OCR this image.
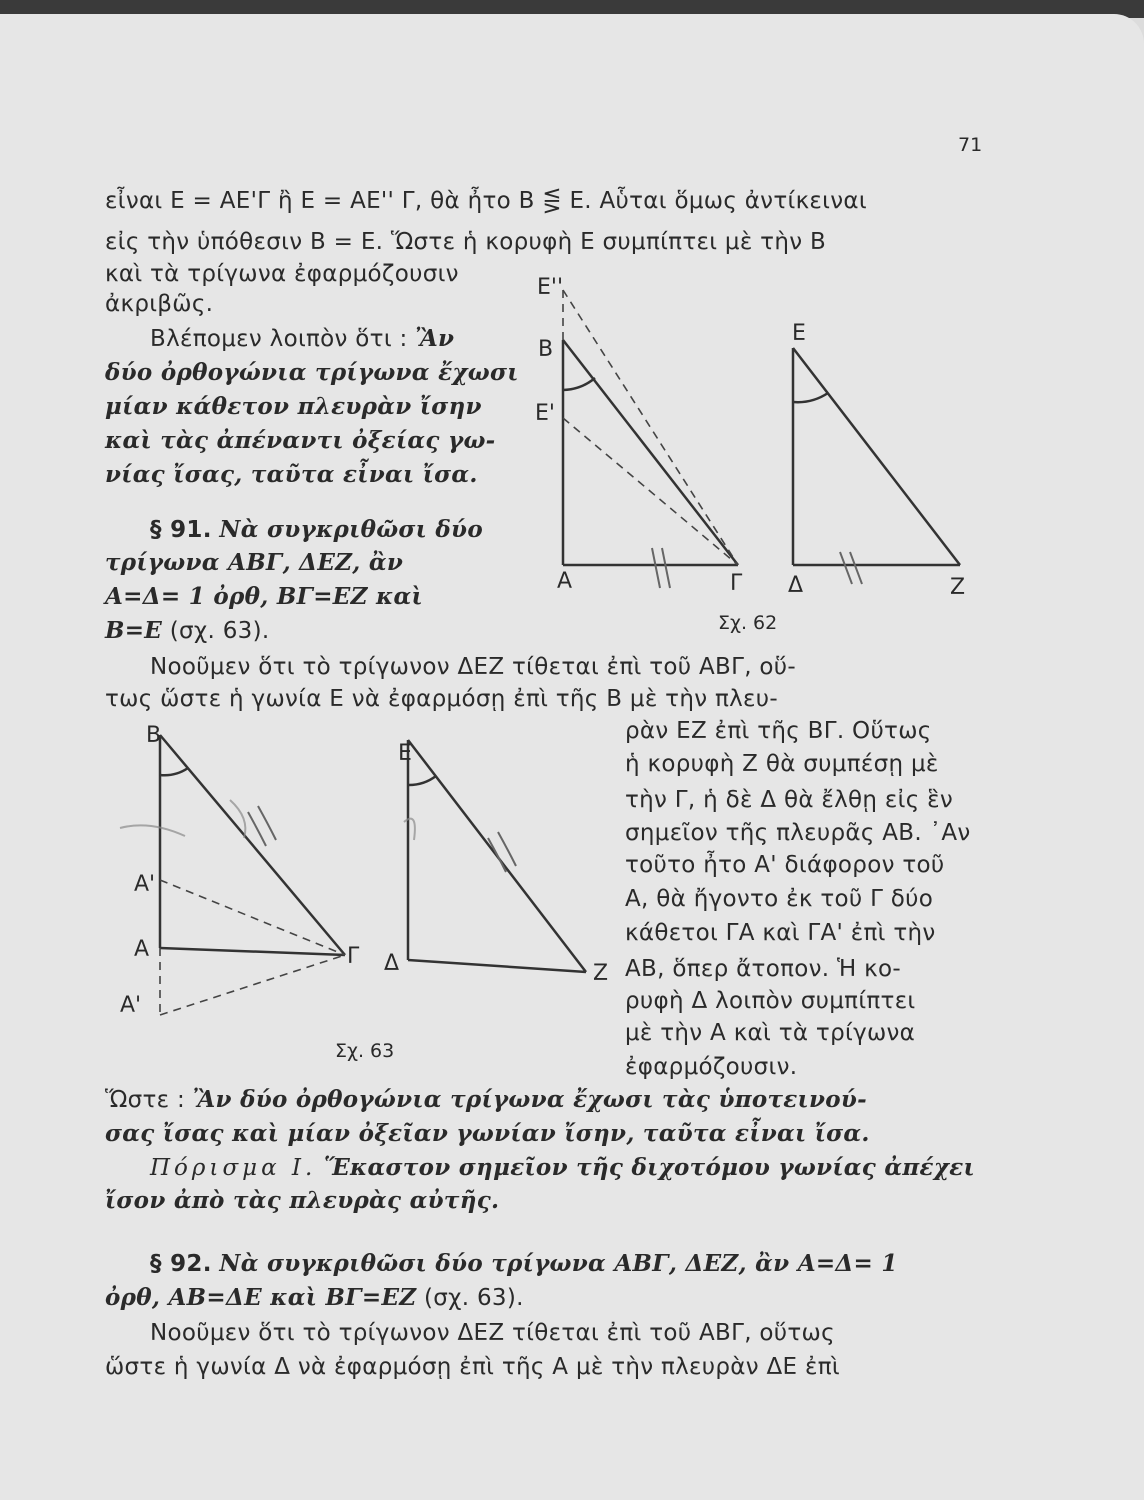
71
εἶναι Ε = ΑΕ'Γ ἢ Ε = ΑΕ'' Γ, θὰ ἦτο Β ⋚ Ε. Αὗται ὅμως ἀντίκειναι
εἰς τὴν ὑπόθεσιν Β = Ε. Ὥστε ἡ κορυφὴ Ε συμπίπτει μὲ τὴν Β
καὶ τὰ τρίγωνα ἐφαρμόζουσιν
ἀκριβῶς.
Βλέπομεν λοιπὸν ὅτι : Ἂν
δύο ὀρθογώνια τρίγωνα ἔχωσι
μίαν κάθετον πλευρὰν ἴσην
καὶ τὰς ἀπέναντι ὀξείας γω-
νίας ἴσας, ταῦτα εἶναι ἴσα.
§ 91. Νὰ συγκριθῶσι δύο
τρίγωνα ΑΒΓ, ΔΕΖ, ἂν
Α=Δ= 1 ὀρθ, ΒΓ=ΕΖ καὶ
Β=Ε (σχ. 63).
Νοοῦμεν ὅτι τὸ τρίγωνον ΔΕΖ τίθεται ἐπὶ τοῦ ΑΒΓ, οὕ-
τως ὥστε ἡ γωνία Ε νὰ ἐφαρμόσῃ ἐπὶ τῆς Β μὲ τὴν πλευ-
ρὰν ΕΖ ἐπὶ τῆς ΒΓ. Οὕτως
ἡ κορυφὴ Ζ θὰ συμπέσῃ μὲ
τὴν Γ, ἡ δὲ Δ θὰ ἔλθῃ εἰς ἓν
σημεῖον τῆς πλευρᾶς ΑΒ. ᾽Αν
τοῦτο ἦτο Α' διάφορον τοῦ
Α, θὰ ἤγοντο ἐκ τοῦ Γ δύο
κάθετοι ΓΑ καὶ ΓΑ' ἐπὶ τὴν
ΑΒ, ὅπερ ἄτοπον. Ἡ κο-
ρυφὴ Δ λοιπὸν συμπίπτει
μὲ τὴν Α καὶ τὰ τρίγωνα
ἐφαρμόζουσιν.
Ὥστε : Ἂν δύο ὀρθογώνια τρίγωνα ἔχωσι τὰς ὑποτεινού-
σας ἴσας καὶ μίαν ὀξεῖαν γωνίαν ἴσην, ταῦτα εἶναι ἴσα.
Πόρισμα Ι. Ἕκαστον σημεῖον τῆς διχοτόμου γωνίας ἀπέχει
ἴσον ἀπὸ τὰς πλευρὰς αὐτῆς.
§ 92. Νὰ συγκριθῶσι δύο τρίγωνα ΑΒΓ, ΔΕΖ, ἂν Α=Δ= 1
ὀρθ, ΑΒ=ΔΕ καὶ ΒΓ=ΕΖ (σχ. 63).
Νοοῦμεν ὅτι τὸ τρίγωνον ΔΕΖ τίθεται ἐπὶ τοῦ ΑΒΓ, οὕτως
ὥστε ἡ γωνία Δ νὰ ἐφαρμόσῃ ἐπὶ τῆς Α μὲ τὴν πλευρὰν ΔΕ ἐπὶ
Ε''
Β
Ε'
Α	Γ
Ε
Δ	Ζ
Σχ. 62
Β
Α'
Α
Α'
Γ
Ε
Δ	Ζ
Σχ. 63
